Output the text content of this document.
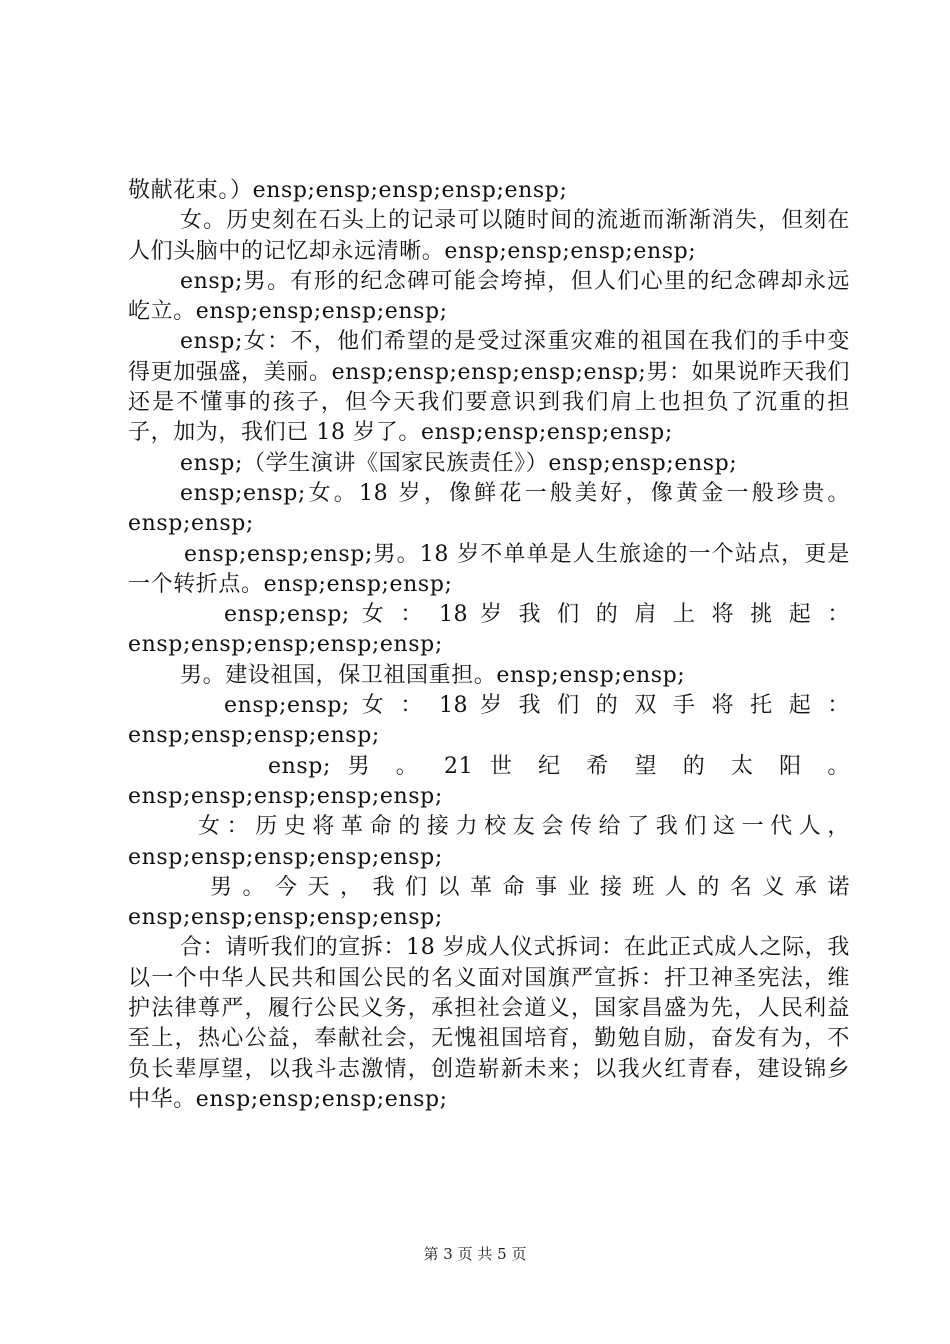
敬献花束。）ensp;ensp;ensp;ensp;ensp;

女。历史刻在石头上的记录可以随时间的流逝而渐渐消失，但刻在人们头脑中的记忆却永远清晰。ensp;ensp;ensp;ensp;

ensp;男。有形的纪念碑可能会垮掉，但人们心里的纪念碑却永远屹立。ensp;ensp;ensp;ensp;

ensp;女：不，他们希望的是受过深重灾难的祖国在我们的手中变得更加强盛，美丽。ensp;ensp;ensp;ensp;ensp;男：如果说昨天我们还是不懂事的孩子，但今天我们要意识到我们肩上也担负了沉重的担子，加为，我们已 18 岁了。ensp;ensp;ensp;ensp;

ensp;（学生演讲《国家民族责任》）ensp;ensp;ensp;

ensp;ensp;女。18 岁，像鲜花一般美好，像黄金一般珍贵。ensp;ensp;

ensp;ensp;ensp;男。18 岁不单单是人生旅途的一个站点，更是一个转折点。ensp;ensp;ensp;

ensp;ensp; 女 ： 18 岁 我 们 的 肩 上 将 挑 起 ：ensp;ensp;ensp;ensp;ensp;

男。建设祖国，保卫祖国重担。ensp;ensp;ensp;

ensp;ensp; 女 ： 18 岁 我 们 的 双 手 将 托 起 ：ensp;ensp;ensp;ensp;

ensp; 男 。 21 世 纪 希 望 的 太 阳 。ensp;ensp;ensp;ensp;ensp;

女：历史将革命的接力校友会传给了我们这一代人，ensp;ensp;ensp;ensp;ensp;

男。今天，我们以革命事业接班人的名义承诺ensp;ensp;ensp;ensp;ensp;

合：请听我们的宣拆：18 岁成人仪式拆词：在此正式成人之际，我以一个中华人民共和国公民的名义面对国旗严宣拆：扞卫神圣宪法，维护法律尊严，履行公民义务，承担社会道义，国家昌盛为先，人民利益至上，热心公益，奉献社会，无愧祖国培育，勤勉自励，奋发有为，不负长辈厚望，以我斗志激情，创造崭新未来；以我火红青春，建设锦乡中华。ensp;ensp;ensp;ensp;

第 3 页 共 5 页
